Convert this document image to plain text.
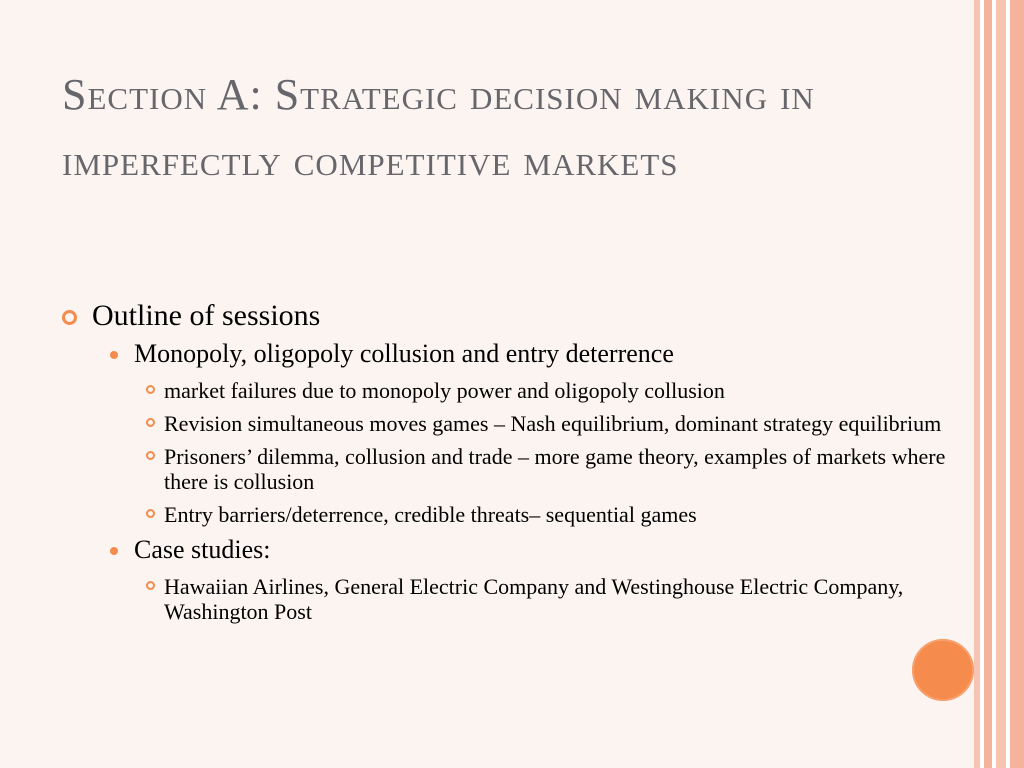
Section A: Strategic decision making in imperfectly competitive markets
Outline of sessions
Monopoly, oligopoly collusion and entry deterrence
market failures due to monopoly power and oligopoly collusion
Revision simultaneous moves games – Nash equilibrium, dominant strategy equilibrium
Prisoners’ dilemma, collusion and trade – more game theory, examples of markets where there is collusion
Entry barriers/deterrence, credible threats– sequential games
Case studies:
Hawaiian Airlines, General Electric Company and Westinghouse Electric Company, Washington Post
